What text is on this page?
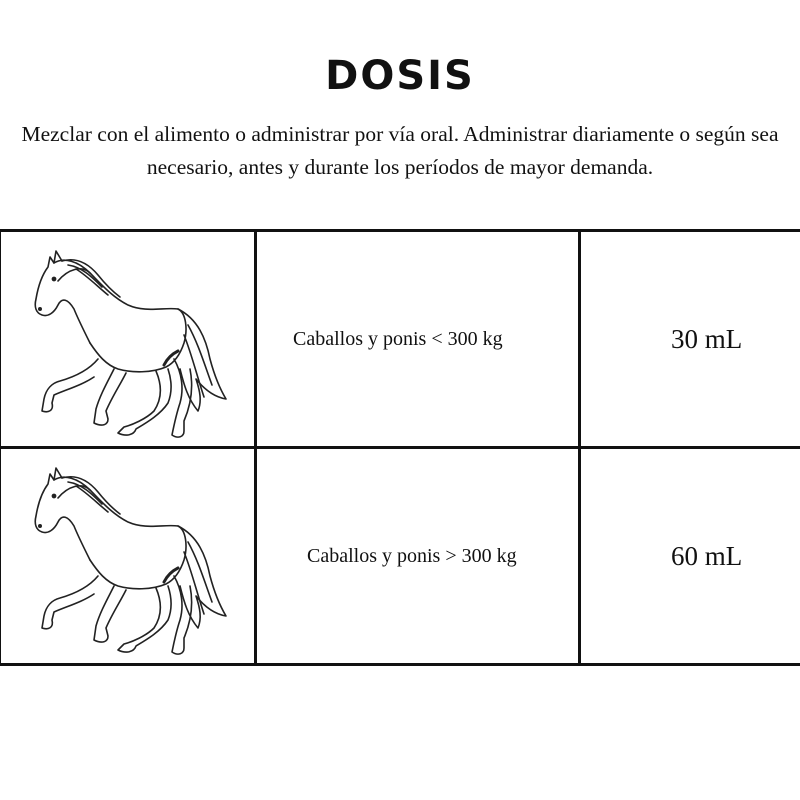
DOSIS

Mezclar con el alimento o administrar por vía oral. Administrar diariamente o según sea necesario, antes y durante los períodos de mayor demanda.

Caballos y ponis < 300 kg	30 mL

Caballos y ponis > 300 kg	60 mL
